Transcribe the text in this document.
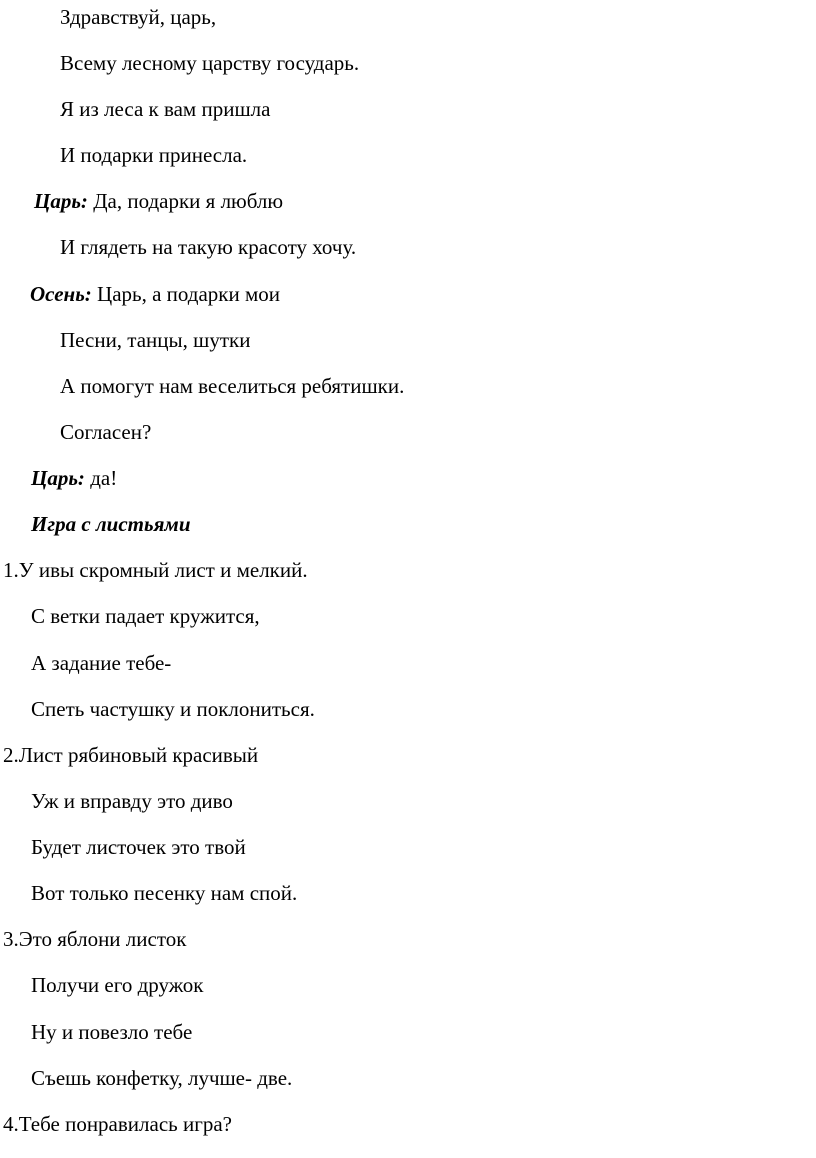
Здравствуй, царь,
Всему лесному царству государь.
Я из леса к вам пришла
И подарки принесла.
Царь: Да, подарки я люблю
И глядеть на такую красоту хочу.
Осень: Царь, а подарки мои
Песни, танцы, шутки
А помогут нам веселиться ребятишки.
Согласен?
Царь: да!
Игра с листьями
1.У ивы скромный лист и мелкий.
С ветки падает кружится,
А задание тебе-
Спеть частушку и поклониться.
2.Лист рябиновый красивый
Уж и вправду это диво
Будет листочек это твой
Вот только песенку нам спой.
3.Это яблони листок
Получи его дружок
Ну и повезло тебе
Съешь конфетку, лучше- две.
4.Тебе понравилась игра?
